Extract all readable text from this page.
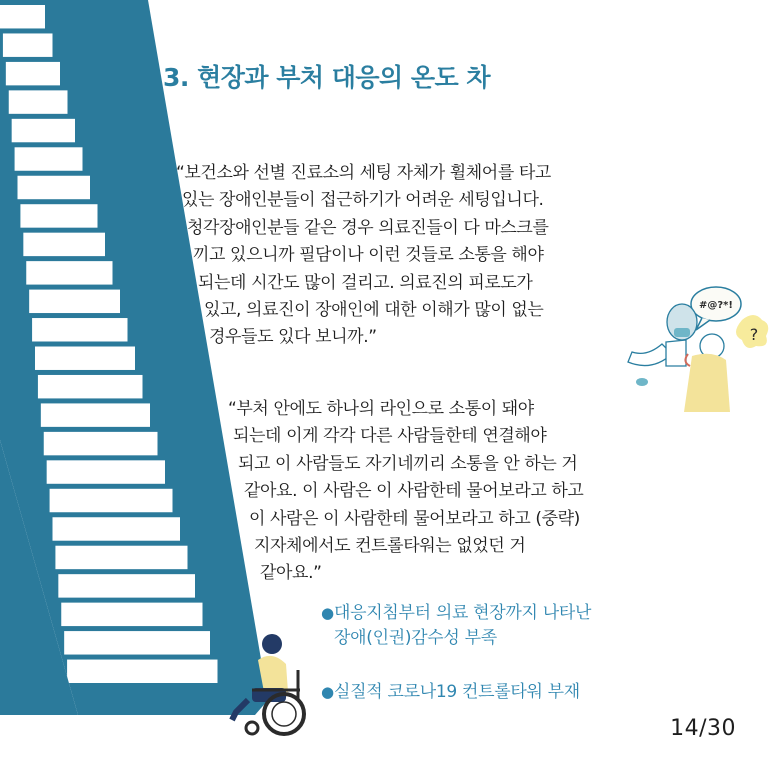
3. 현장과 부처 대응의 온도 차
“보건소와 선별 진료소의 세팅 자체가 휠체어를 타고
있는 장애인분들이 접근하기가 어려운 세팅입니다.
청각장애인분들 같은 경우 의료진들이 다 마스크를
끼고 있으니까 필담이나 이런 것들로 소통을 해야
되는데 시간도 많이 걸리고. 의료진의 피로도가
있고, 의료진이 장애인에 대한 이해가 많이 없는
경우들도 있다 보니까.”
“부처 안에도 하나의 라인으로 소통이 돼야
되는데 이게 각각 다른 사람들한테 연결해야
되고 이 사람들도 자기네끼리 소통을 안 하는 거
같아요. 이 사람은 이 사람한테 물어보라고 하고
이 사람은 이 사람한테 물어보라고 하고 (중략)
지자체에서도 컨트롤타워는 없었던 거
같아요.”
● 대응지침부터 의료 현장까지 나타난
장애(인권)감수성 부족
● 실질적 코로나19 컨트롤타워 부재
14/30
#@?*!
?
